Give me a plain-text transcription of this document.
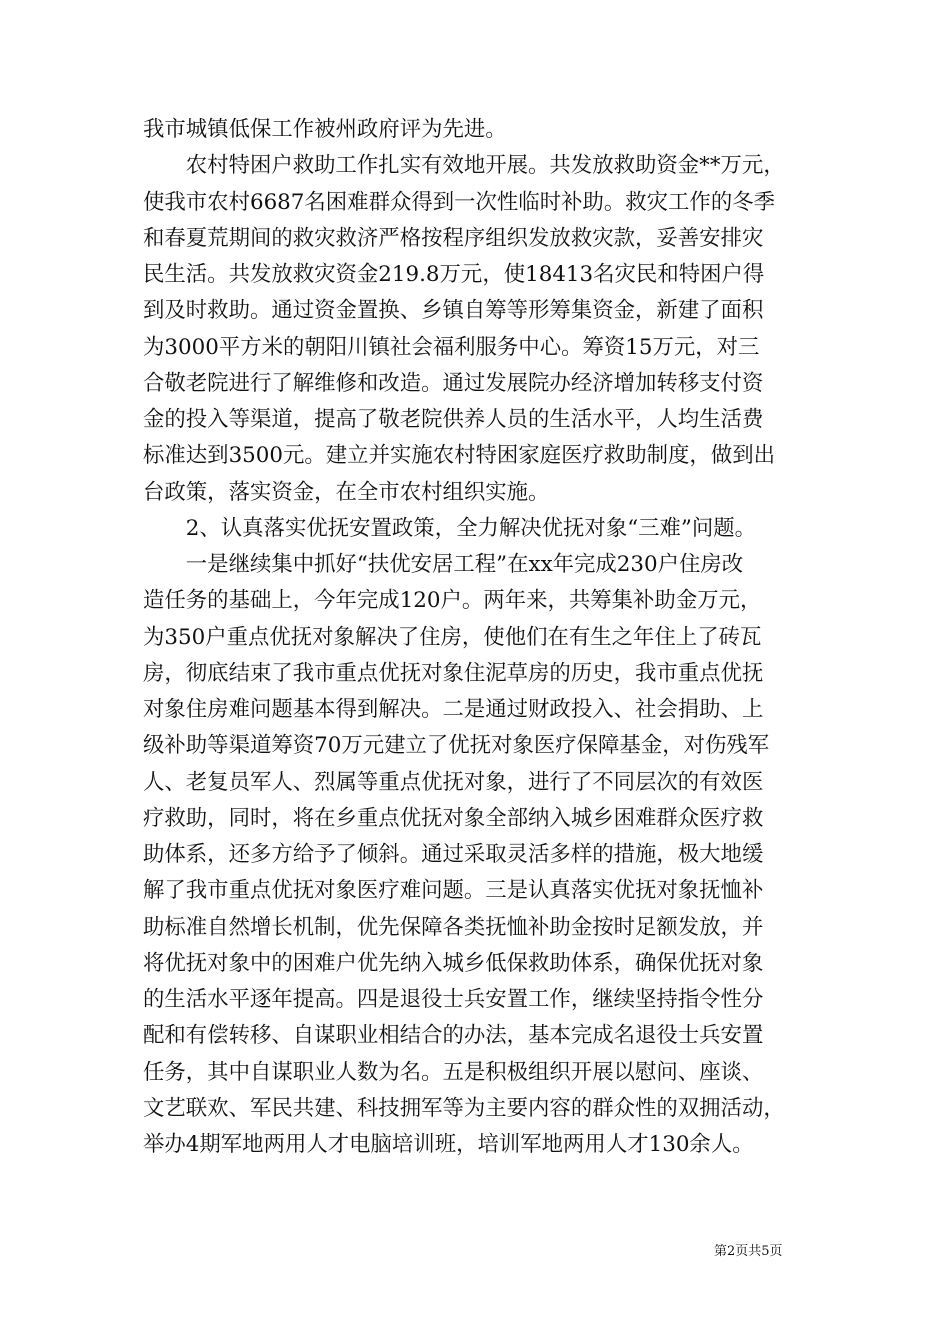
我市城镇低保工作被州政府评为先进。
　　农村特困户救助工作扎实有效地开展。共发放救助资金**万元，
使我市农村6687名困难群众得到一次性临时补助。救灾工作的冬季
和春夏荒期间的救灾救济严格按程序组织发放救灾款，妥善安排灾
民生活。共发放救灾资金219.8万元，使18413名灾民和特困户得
到及时救助。通过资金置换、乡镇自筹等形筹集资金，新建了面积
为3000平方米的朝阳川镇社会福利服务中心。筹资15万元，对三
合敬老院进行了解维修和改造。通过发展院办经济增加转移支付资
金的投入等渠道，提高了敬老院供养人员的生活水平，人均生活费
标准达到3500元。建立并实施农村特困家庭医疗救助制度，做到出
台政策，落实资金，在全市农村组织实施。
　　2、认真落实优抚安置政策，全力解决优抚对象“三难”问题。
　　一是继续集中抓好“扶优安居工程”在xx年完成230户住房改
造任务的基础上，今年完成120户。两年来，共筹集补助金万元，
为350户重点优抚对象解决了住房，使他们在有生之年住上了砖瓦
房，彻底结束了我市重点优抚对象住泥草房的历史，我市重点优抚
对象住房难问题基本得到解决。二是通过财政投入、社会捐助、上
级补助等渠道筹资70万元建立了优抚对象医疗保障基金，对伤残军
人、老复员军人、烈属等重点优抚对象，进行了不同层次的有效医
疗救助，同时，将在乡重点优抚对象全部纳入城乡困难群众医疗救
助体系，还多方给予了倾斜。通过采取灵活多样的措施，极大地缓
解了我市重点优抚对象医疗难问题。三是认真落实优抚对象抚恤补
助标准自然增长机制，优先保障各类抚恤补助金按时足额发放，并
将优抚对象中的困难户优先纳入城乡低保救助体系，确保优抚对象
的生活水平逐年提高。四是退役士兵安置工作，继续坚持指令性分
配和有偿转移、自谋职业相结合的办法，基本完成名退役士兵安置
任务，其中自谋职业人数为名。五是积极组织开展以慰问、座谈、
文艺联欢、军民共建、科技拥军等为主要内容的群众性的双拥活动，
举办4期军地两用人才电脑培训班，培训军地两用人才130余人。
第2页共5页
